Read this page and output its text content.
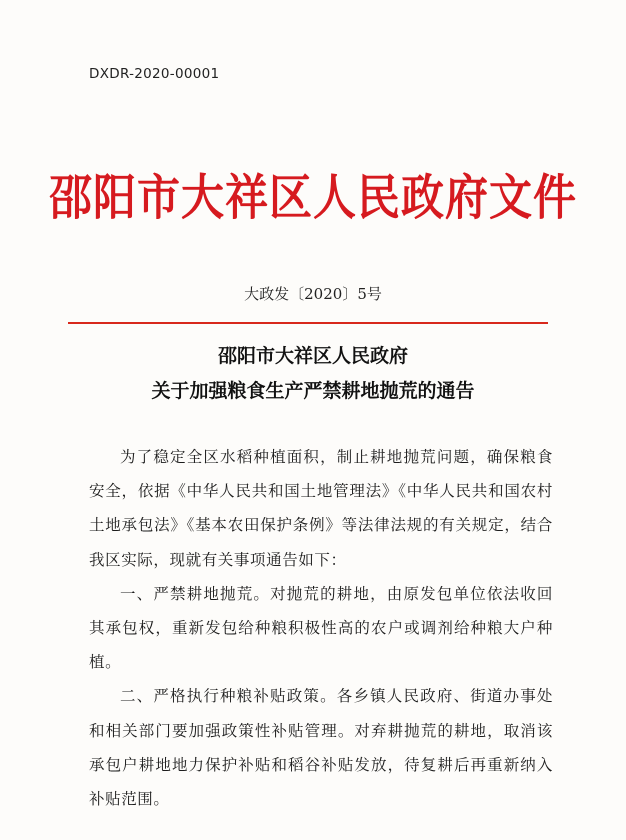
DXDR-2020-00001
邵阳市大祥区人民政府文件
大政发〔2020〕5号
邵阳市大祥区人民政府
关于加强粮食生产严禁耕地抛荒的通告

为了稳定全区水稻种植面积，制止耕地抛荒问题，确保粮食安全，依据《中华人民共和国土地管理法》《中华人民共和国农村土地承包法》《基本农田保护条例》等法律法规的有关规定，结合我区实际，现就有关事项通告如下：

一、严禁耕地抛荒。对抛荒的耕地，由原发包单位依法收回其承包权，重新发包给种粮积极性高的农户或调剂给种粮大户种植。

二、严格执行种粮补贴政策。各乡镇人民政府、街道办事处和相关部门要加强政策性补贴管理。对弃耕抛荒的耕地，取消该承包户耕地地力保护补贴和稻谷补贴发放，待复耕后再重新纳入补贴范围。
